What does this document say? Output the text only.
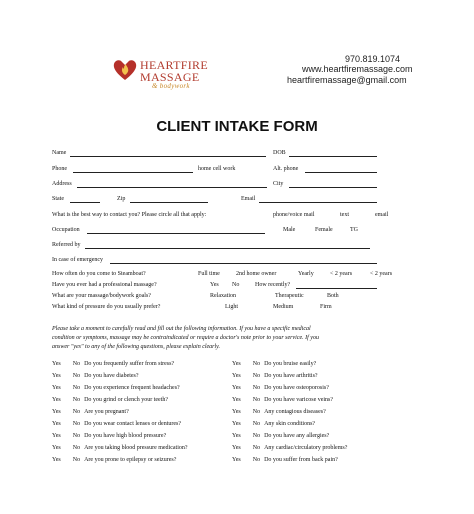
HEARTFIRE
MASSAGE
& bodywork
970.819.1074
www.heartfiremassage.com
heartfiremassage@gmail.com
CLIENT INTAKE FORM
Name	DOB
Phone	home cell work	Alt. phone
Address	City
State	Zip	Email
What is the best way to contact you? Please circle all that apply:	phone/voice mail	text	email
Occupation	Male	Female	TG
Referred by
In case of emergency
How often do you come to Steamboat?	Full time	2nd home owner	Yearly	< 2 years	< 2 years
Have you ever had a professional massage?	Yes No	How recently?
What are your massage/bodywork goals?	Relaxation	Therapeutic	Both
What kind of pressure do you usually prefer?	Light	Medium	Firm
Please take a moment to carefully read and fill out the following information. If you have a specific medical
condition or symptoms, massage may be contraindicated or require a doctor's note prior to your service. If you
answer "yes" to any of the following questions, please explain clearly.
Yes No Do you frequently suffer from stress?
Yes No Do you have diabetes?
Yes No Do you experience frequent headaches?
Yes No Do you grind or clench your teeth?
Yes No Are you pregnant?
Yes No Do you wear contact lenses or dentures?
Yes No Do you have high blood pressure?
Yes No Are you taking blood pressure medication?
Yes No Are you prone to epilepsy or seizures?
Yes No Do you bruise easily?
Yes No Do you have arthritis?
Yes No Do you have osteoporosis?
Yes No Do you have varicose veins?
Yes No Any contagious diseases?
Yes No Any skin conditions?
Yes No Do you have any allergies?
Yes No Any cardiac/circulatory problems?
Yes No Do you suffer from back pain?
